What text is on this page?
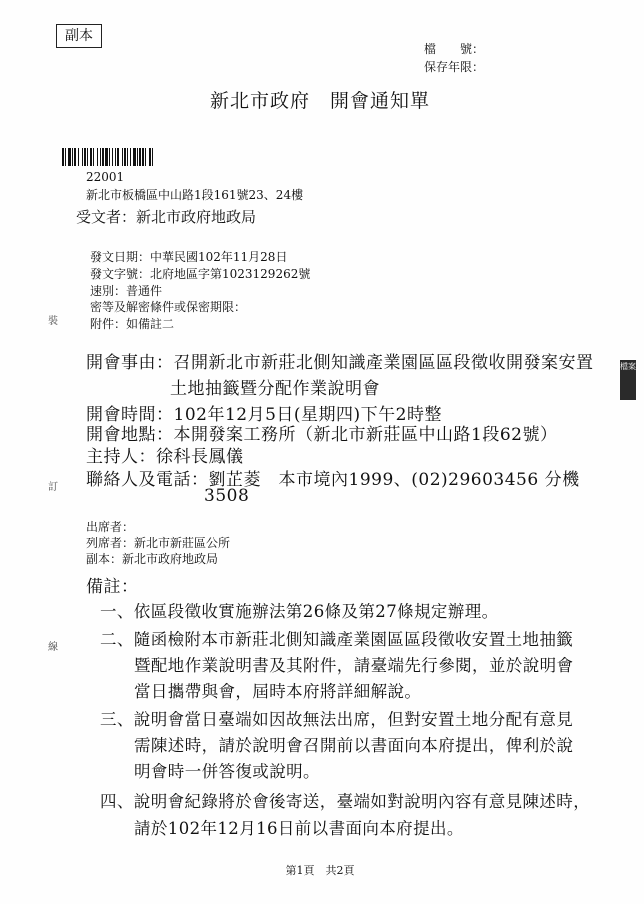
副本
檔　　號：
保存年限：
新北市政府　開會通知單
22001
新北市板橋區中山路1段161號23、24樓
受文者：新北市政府地政局
發文日期：中華民國102年11月28日
發文字號：北府地區字第1023129262號
速別：普通件
密等及解密條件或保密期限：
附件：如備註二
開會事由：召開新北市新莊北側知識產業園區區段徵收開發案安置
土地抽籤暨分配作業說明會
開會時間：102年12月5日(星期四)下午2時整
開會地點：本開發案工務所（新北市新莊區中山路1段62號）
主持人：徐科長鳳儀
聯絡人及電話：劉芷菱　本市境內1999、(02)29603456 分機
3508
出席者：
列席者：新北市新莊區公所
副本：新北市政府地政局
備註：
一、依區段徵收實施辦法第26條及第27條規定辦理。
二、隨函檢附本市新莊北側知識產業園區區段徵收安置土地抽籤
暨配地作業說明書及其附件，請臺端先行參閱，並於說明會
當日攜帶與會，屆時本府將詳細解說。
三、說明會當日臺端如因故無法出席，但對安置土地分配有意見
需陳述時，請於說明會召開前以書面向本府提出，俾利於說
明會時一併答復或說明。
四、說明會紀錄將於會後寄送，臺端如對說明內容有意見陳述時，
請於102年12月16日前以書面向本府提出。
裝
訂
線
檔案局
第1頁　共2頁
